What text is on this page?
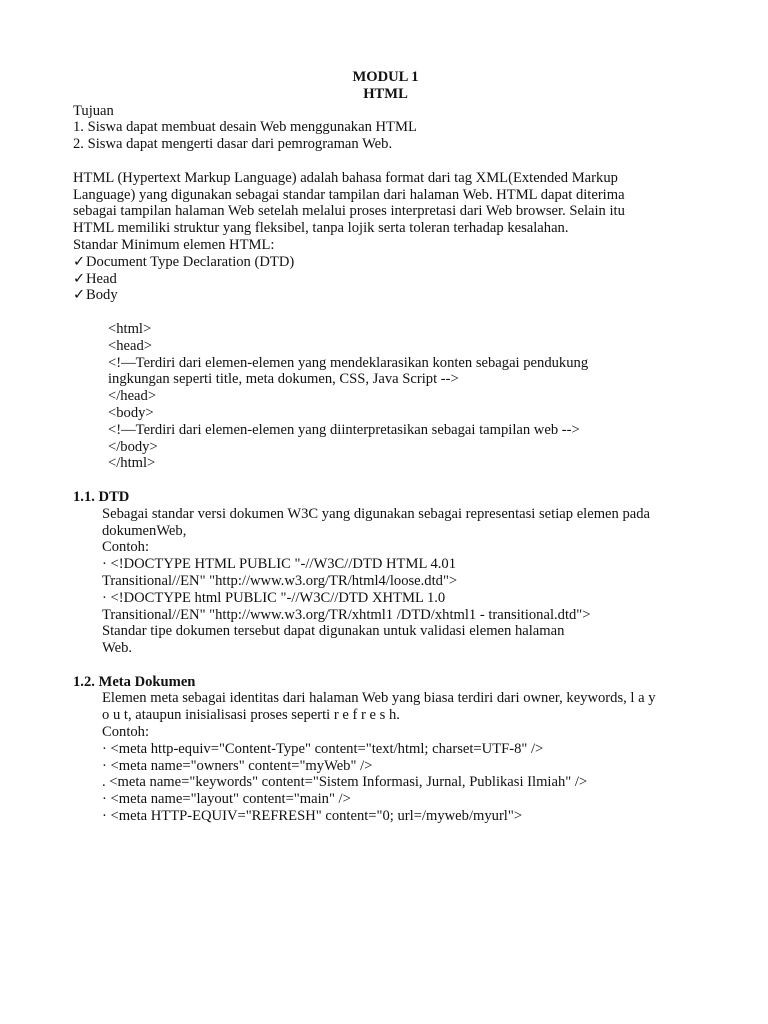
MODUL 1

HTML

Tujuan

1. Siswa dapat membuat desain Web menggunakan HTML

2. Siswa dapat mengerti dasar dari pemrograman Web.

HTML (Hypertext Markup Language) adalah bahasa format dari tag XML(Extended Markup

Language) yang digunakan sebagai standar tampilan dari halaman Web. HTML dapat diterima

sebagai tampilan halaman Web setelah melalui proses interpretasi dari Web browser. Selain itu

HTML memiliki struktur yang fleksibel, tanpa lojik serta toleran terhadap kesalahan.

Standar Minimum elemen HTML:

✓Document Type Declaration (DTD)

✓Head

✓Body

<html>

<head>

<!—Terdiri dari elemen-elemen yang mendeklarasikan konten sebagai pendukung

ingkungan seperti title, meta dokumen, CSS, Java Script -->

</head>

<body>

<!—Terdiri dari elemen-elemen yang diinterpretasikan sebagai tampilan web -->

</body>

</html>

1.1. DTD

Sebagai standar versi dokumen W3C yang digunakan sebagai representasi setiap elemen pada

dokumenWeb,

Contoh:

· <!DOCTYPE HTML PUBLIC "-//W3C//DTD HTML 4.01

Transitional//EN" "http://www.w3.org/TR/html4/loose.dtd">

· <!DOCTYPE html PUBLIC "-//W3C//DTD XHTML 1.0

Transitional//EN" "http://www.w3.org/TR/xhtml1 /DTD/xhtml1 - transitional.dtd">

Standar tipe dokumen tersebut dapat digunakan untuk validasi elemen halaman

Web.

1.2. Meta Dokumen

Elemen meta sebagai identitas dari halaman Web yang biasa terdiri dari owner, keywords, l a y

o u t, ataupun inisialisasi proses seperti r e f r e s h.

Contoh:

· <meta http-equiv="Content-Type" content="text/html; charset=UTF-8" />

· <meta name="owners" content="myWeb" />

. <meta name="keywords" content="Sistem Informasi, Jurnal, Publikasi Ilmiah" />

· <meta name="layout" content="main" />

· <meta HTTP-EQUIV="REFRESH" content="0; url=/myweb/myurl">
